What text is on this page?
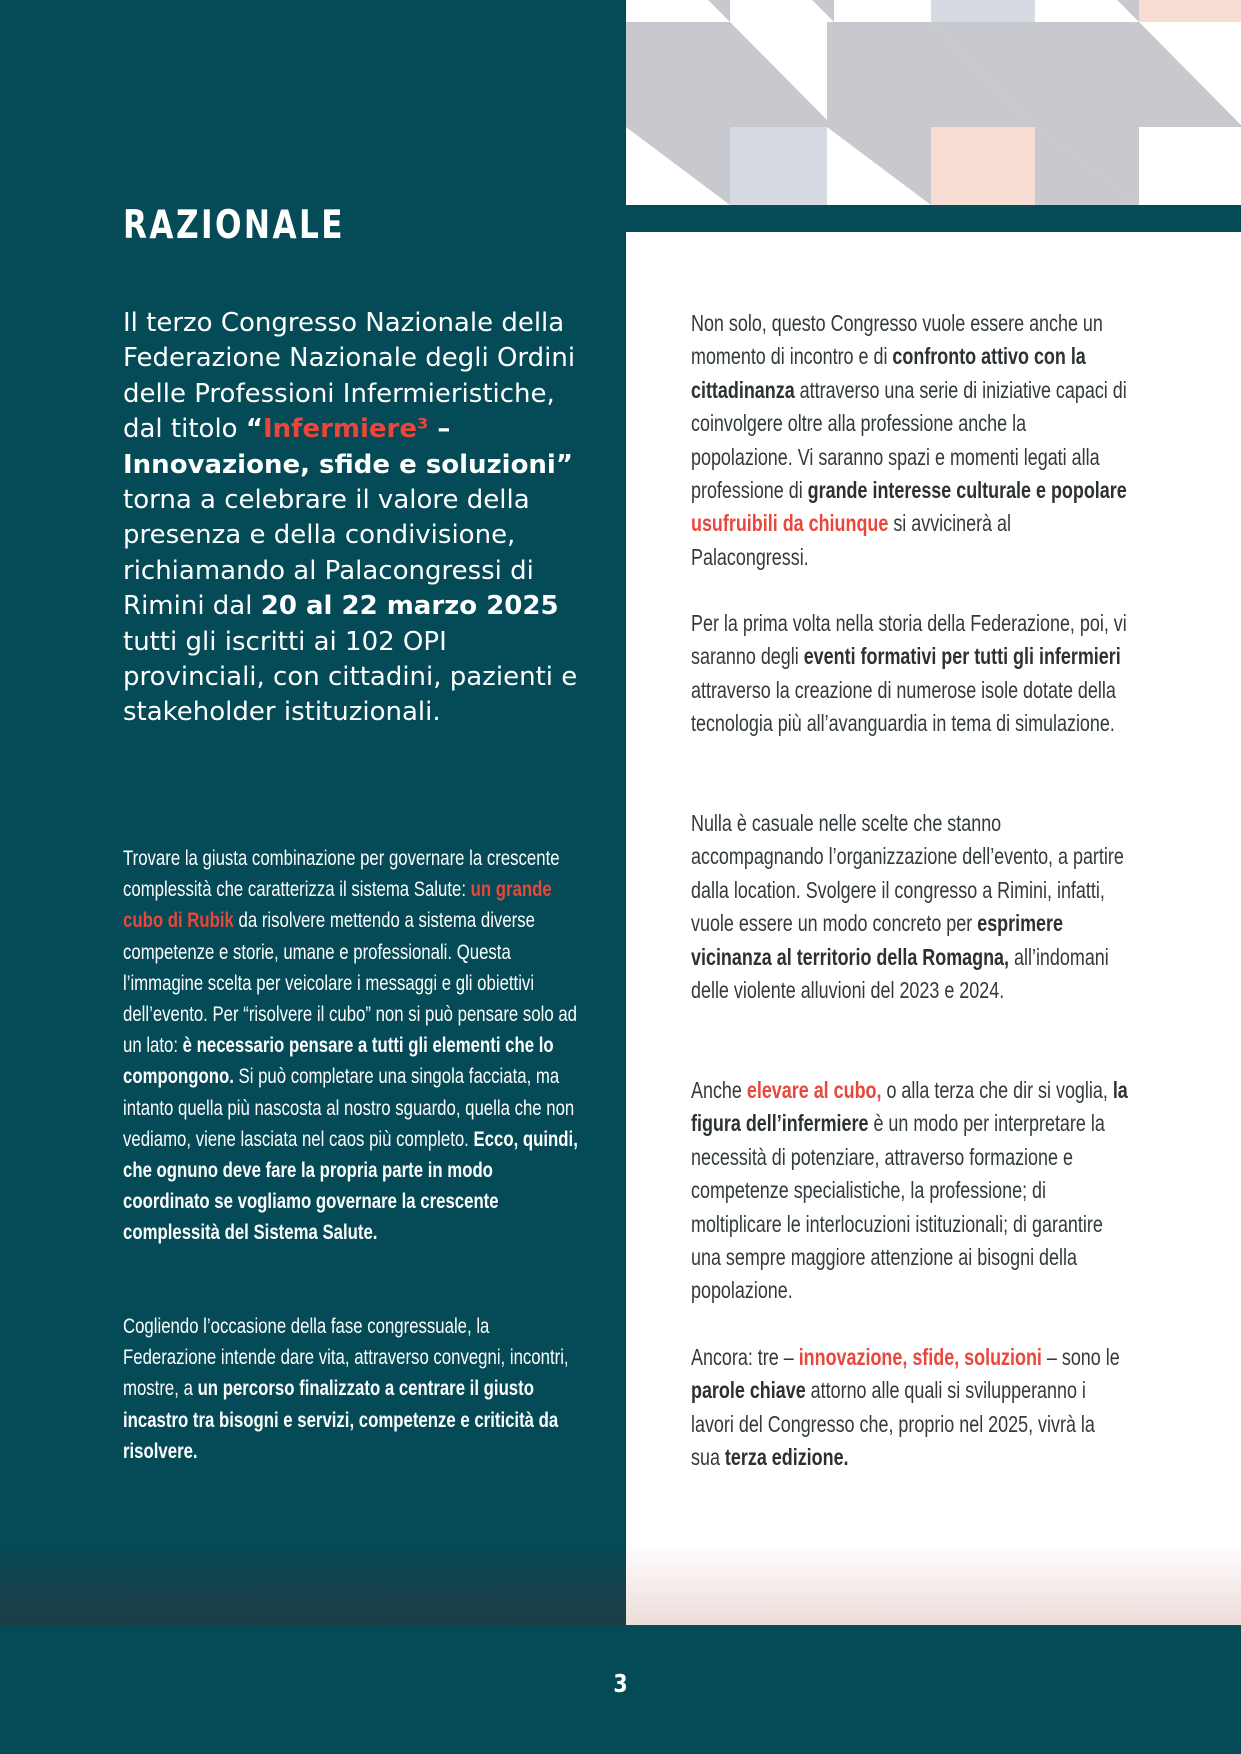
RAZIONALE

Il terzo Congresso Nazionale della Federazione Nazionale degli Ordini delle Professioni Infermieristiche, dal titolo “Infermiere³ – Innovazione, sfide e soluzioni” torna a celebrare il valore della presenza e della condivisione, richiamando al Palacongressi di Rimini dal 20 al 22 marzo 2025 tutti gli iscritti ai 102 OPI provinciali, con cittadini, pazienti e stakeholder istituzionali.

Trovare la giusta combinazione per governare la crescente complessità che caratterizza il sistema Salute: un grande cubo di Rubik da risolvere mettendo a sistema diverse competenze e storie, umane e professionali. Questa l’immagine scelta per veicolare i messaggi e gli obiettivi dell’evento. Per “risolvere il cubo” non si può pensare solo ad un lato: è necessario pensare a tutti gli elementi che lo compongono. Si può completare una singola facciata, ma intanto quella più nascosta al nostro sguardo, quella che non vediamo, viene lasciata nel caos più completo. Ecco, quindi, che ognuno deve fare la propria parte in modo coordinato se vogliamo governare la crescente complessità del Sistema Salute.

Cogliendo l’occasione della fase congressuale, la Federazione intende dare vita, attraverso convegni, incontri, mostre, a un percorso finalizzato a centrare il giusto incastro tra bisogni e servizi, competenze e criticità da risolvere.

Non solo, questo Congresso vuole essere anche un momento di incontro e di confronto attivo con la cittadinanza attraverso una serie di iniziative capaci di coinvolgere oltre alla professione anche la popolazione. Vi saranno spazi e momenti legati alla professione di grande interesse culturale e popolare usufruibili da chiunque si avvicinerà al Palacongressi.

Per la prima volta nella storia della Federazione, poi, vi saranno degli eventi formativi per tutti gli infermieri attraverso la creazione di numerose isole dotate della tecnologia più all’avanguardia in tema di simulazione.

Nulla è casuale nelle scelte che stanno accompagnando l’organizzazione dell’evento, a partire dalla location. Svolgere il congresso a Rimini, infatti, vuole essere un modo concreto per esprimere vicinanza al territorio della Romagna, all’indomani delle violente alluvioni del 2023 e 2024.

Anche elevare al cubo, o alla terza che dir si voglia, la figura dell’infermiere è un modo per interpretare la necessità di potenziare, attraverso formazione e competenze specialistiche, la professione; di moltiplicare le interlocuzioni istituzionali; di garantire una sempre maggiore attenzione ai bisogni della popolazione.

Ancora: tre – innovazione, sfide, soluzioni – sono le parole chiave attorno alle quali si svilupperanno i lavori del Congresso che, proprio nel 2025, vivrà la sua terza edizione.

3
